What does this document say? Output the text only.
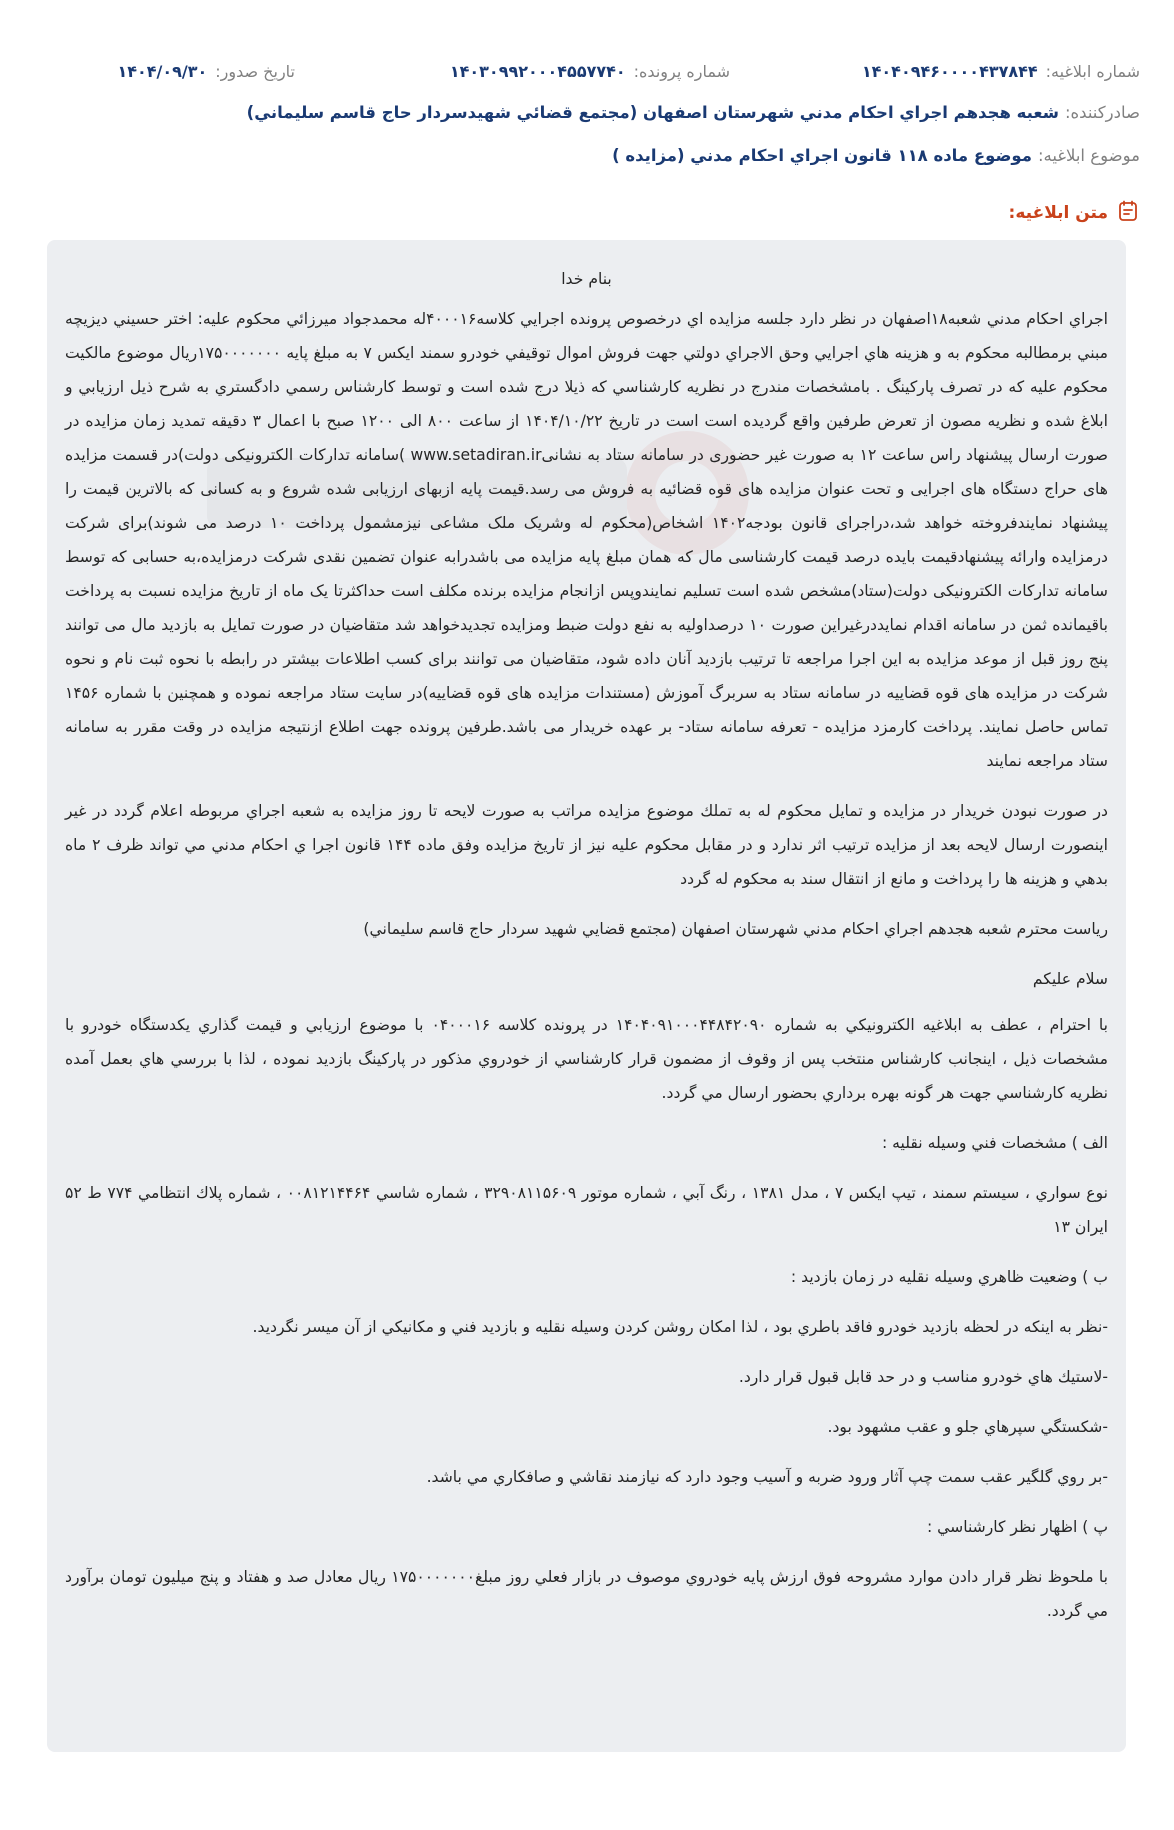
شماره ابلاغیه:
۱۴۰۴۰۹۴۶۰۰۰۰۴۳۷۸۴۴
شماره پرونده:
۱۴۰۳۰۹۹۲۰۰۰۴۵۵۷۷۴۰
تاریخ صدور:
۱۴۰۴/۰۹/۳۰
صادرکننده:
شعبه هجدهم اجراي احكام مدني شهرستان اصفهان (مجتمع قضائي شهيدسردار حاج قاسم سليماني)
موضوع ابلاغیه:
موضوع ماده ۱۱۸ قانون اجراي احكام مدني (مزايده )
متن ابلاغیه:

بنام خدا

اجراي احكام مدني شعبه۱۸اصفهان در نظر دارد جلسه مزايده اي درخصوص پرونده اجرايي كلاسه۴۰۰۰۱۶له محمدجواد ميرزائي محكوم عليه: اختر حسيني ديزيچه مبني برمطالبه محكوم به و هزينه هاي اجرايي وحق الاجراي دولتي جهت فروش اموال توقيفي خودرو سمند ايكس ۷ به مبلغ پايه ۱۷۵۰۰۰۰۰۰۰ريال موضوع مالكيت محكوم عليه كه در تصرف پاركينگ . بامشخصات مندرج در نظريه كارشناسي كه ذيلا درج شده است و توسط كارشناس رسمي دادگستري به شرح ذيل ارزيابي و ابلاغ شده و نظريه مصون از تعرض طرفين واقع گرديده است است در تاريخ ۱۴۰۴/۱۰/۲۲ از ساعت ۸۰۰ الی ۱۲۰۰ صبح با اعمال ۳ دقیقه تمدید زمان مزایده در صورت ارسال پیشنهاد راس ساعت ۱۲ به صورت غیر حضوری در سامانه ستاد به نشانیwww.setadiran.ir )سامانه تدارکات الکترونیکی دولت)در قسمت مزایده های حراج دستگاه های اجرایی و تحت عنوان مزایده های قوه قضائیه به فروش می رسد.قیمت پایه ازبهای ارزیابی شده شروع و به کسانی که بالاترین قیمت را پیشنهاد نمایندفروخته خواهد شد،دراجرای قانون بودجه۱۴۰۲ اشخاص(محکوم له وشریک ملک مشاعی نیزمشمول پرداخت ۱۰ درصد می شوند)برای شرکت درمزایده وارائه پیشنهادقیمت بایده درصد قیمت کارشناسی مال که همان مبلغ پایه مزایده می باشدرابه عنوان تضمین نقدی شرکت درمزایده،به حسابی که توسط سامانه تدارکات الکترونیکی دولت(ستاد)مشخص شده است تسلیم نمایندوپس ازانجام مزایده برنده مکلف است حداکثرتا یک ماه از تاریخ مزایده نسبت به پرداخت باقیمانده ثمن در سامانه اقدام نمایددرغیراین صورت ۱۰ درصداولیه به نفع دولت ضبط ومزایده تجدیدخواهد شد متقاضیان در صورت تمایل به بازدید مال می توانند پنج روز قبل از موعد مزایده به این اجرا مراجعه تا ترتیب بازدید آنان داده شود، متقاضیان می توانند برای کسب اطلاعات بیشتر در رابطه با نحوه ثبت نام و نحوه شرکت در مزایده های قوه قضاییه در سامانه ستاد به سربرگ آموزش (مستندات مزایده های قوه قضاییه)در سایت ستاد مراجعه نموده و همچنین با شماره ۱۴۵۶ تماس حاصل نمایند. پرداخت کارمزد مزایده - تعرفه سامانه ستاد- بر عهده خریدار می باشد.طرفین پرونده جهت اطلاع ازنتیجه مزایده در وقت مقرر به سامانه ستاد مراجعه نمایند

در صورت نبودن خريدار در مزايده و تمايل محكوم له به تملك موضوع مزايده مراتب به صورت لايحه تا روز مزايده به شعبه اجراي مربوطه اعلام گردد در غير اينصورت ارسال لايحه بعد از مزايده ترتيب اثر ندارد و در مقابل محكوم عليه نيز از تاريخ مزايده وفق ماده ۱۴۴ قانون اجرا ي احكام مدني مي تواند ظرف ۲ ماه بدهي و هزينه ها را پرداخت و مانع از انتقال سند به محكوم له گردد

رياست محترم شعبه هجدهم اجراي احكام مدني شهرستان اصفهان (مجتمع قضايي شهيد سردار حاج قاسم سليماني)

سلام عليكم

با احترام ، عطف به ابلاغيه الكترونيكي به شماره ۱۴۰۴۰۹۱۰۰۰۴۴۸۴۲۰۹۰ در پرونده كلاسه ۰۴۰۰۰۱۶ با موضوع ارزيابي و قيمت گذاري يكدستگاه خودرو با مشخصات ذيل ، اينجانب كارشناس منتخب پس از وقوف از مضمون قرار كارشناسي از خودروي مذكور در پاركينگ بازديد نموده ، لذا با بررسي هاي بعمل آمده نظريه كارشناسي جهت هر گونه بهره برداري بحضور ارسال مي گردد.

الف ) مشخصات فني وسيله نقليه :

نوع سواري ، سيستم سمند ، تيپ ايكس ۷ ، مدل ۱۳۸۱ ، رنگ آبي ، شماره موتور ۳۲۹۰۸۱۱۵۶۰۹ ، شماره شاسي ۰۰۸۱۲۱۴۴۶۴ ، شماره پلاك انتظامي ۷۷۴ ط ۵۲ ايران ۱۳

ب ) وضعيت ظاهري وسيله نقليه در زمان بازديد :

-نظر به اينكه در لحظه بازديد خودرو فاقد باطري بود ، لذا امكان روشن كردن وسيله نقليه و بازديد فني و مكانيكي از آن ميسر نگرديد.

-لاستيك هاي خودرو مناسب و در حد قابل قبول قرار دارد.

-شكستگي سپرهاي جلو و عقب مشهود بود.

-بر روي گلگير عقب سمت چپ آثار ورود ضربه و آسيب وجود دارد كه نيازمند نقاشي و صافكاري مي باشد.

پ ) اظهار نظر كارشناسي :

با ملحوظ نظر قرار دادن موارد مشروحه فوق ارزش پايه خودروي موصوف در بازار فعلي روز مبلغ۱۷۵۰۰۰۰۰۰۰ ريال معادل صد و هفتاد و پنج ميليون تومان برآورد مي گردد.
